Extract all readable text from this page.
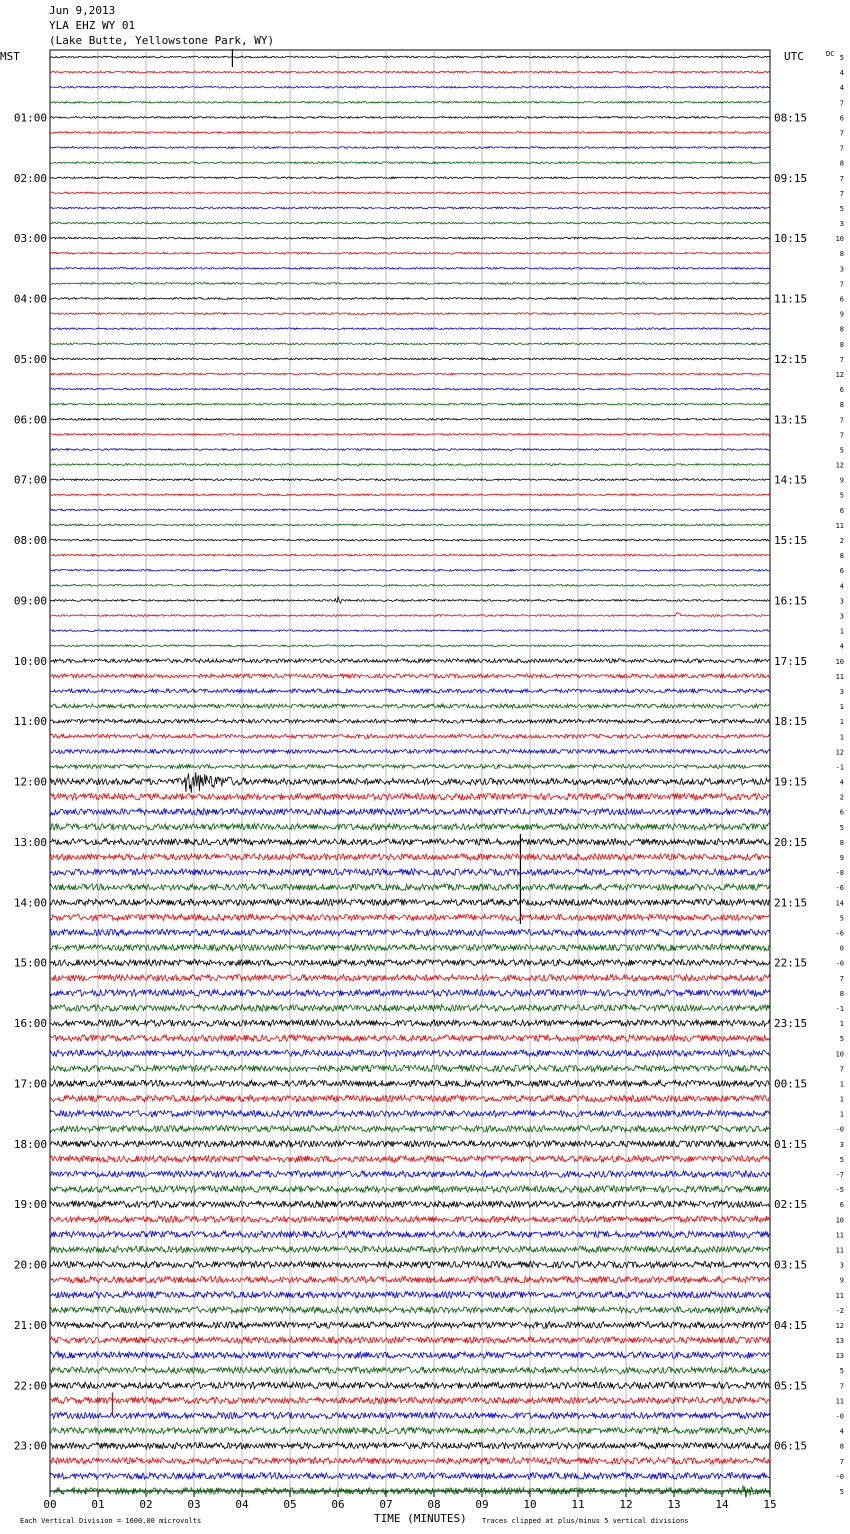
Jun 9,2013
YLA EHZ WY 01
(Lake Butte, Yellowstone Park, WY)
00	01	02	03	04	05	06	07	08	09	10	11	12	13	14	15
01:00
02:00
03:00
04:00
05:00
06:00
07:00
08:00
09:00
10:00
11:00
12:00
13:00
14:00
15:00
16:00
17:00
18:00
19:00
20:00
21:00
22:00
23:00
08:15
09:15
10:15
11:15
12:15
13:15
14:15
15:15
16:15
17:15
18:15
19:15
20:15
21:15
22:15
23:15
00:15
01:15
02:15
03:15
04:15
05:15
06:15
5
4
4
7
6
7
7
8
7
7
5
3
10
8
3
7
6
9
8
8
7
12
6
8
7
7
5
12
9
5
6
11
2
8
6
4
3
3
1
4
10
11
3
1
1
1
12
-1
4
2
6
5
8
9
-8
-6
14
5
-6
0
-0
7
8
-1
1
5
10
7
1
1
1
-0
3
5
-7
-5
6
10
11
11
3
9
11
-2
12
13
13
5
7
11
-0
4
8
7
-0
5
MST	UTC	DC
TIME (MINUTES)
Each Vertical Division = 1600.00 microvolts	Traces clipped at plus/minus 5 vertical divisions
